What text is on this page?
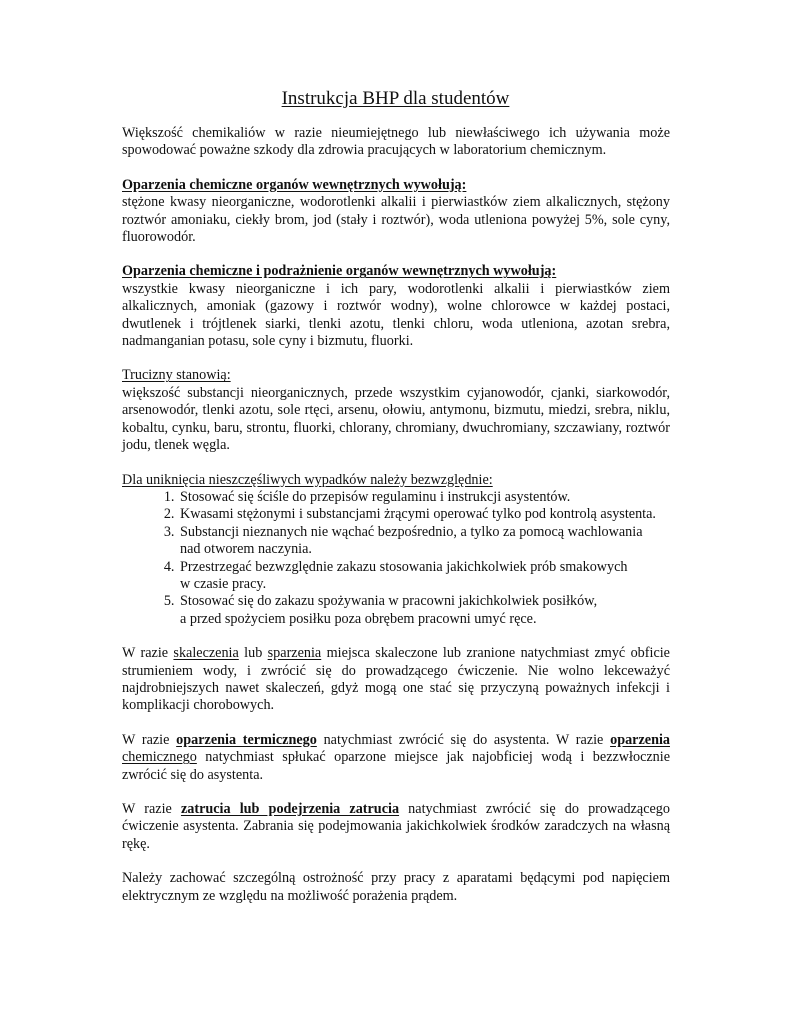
Instrukcja BHP dla studentów

Większość chemikaliów w razie nieumiejętnego lub niewłaściwego ich używania może spowodować poważne szkody dla zdrowia pracujących w laboratorium chemicznym.

Oparzenia chemiczne organów wewnętrznych wywołują:

stężone kwasy nieorganiczne, wodorotlenki alkalii i pierwiastków ziem alkalicznych, stężony roztwór amoniaku, ciekły brom, jod (stały i roztwór), woda utleniona powyżej 5%, sole cyny, fluorowodór.

Oparzenia chemiczne i podrażnienie organów wewnętrznych wywołują:

wszystkie kwasy nieorganiczne i ich pary, wodorotlenki alkalii i pierwiastków ziem alkalicznych, amoniak (gazowy i roztwór wodny), wolne chlorowce w każdej postaci, dwutlenek i trójtlenek siarki, tlenki azotu, tlenki chloru, woda utleniona, azotan srebra, nadmanganian potasu, sole cyny i bizmutu, fluorki.

Trucizny stanowią:

większość substancji nieorganicznych, przede wszystkim cyjanowodór, cjanki, siarkowodór, arsenowodór, tlenki azotu, sole rtęci, arsenu, ołowiu, antymonu, bizmutu, miedzi, srebra, niklu, kobaltu, cynku, baru, strontu, fluorki, chlorany, chromiany, dwuchromiany, szczawiany, roztwór jodu, tlenek węgla.

Dla uniknięcia nieszczęśliwych wypadków należy bezwzględnie:

1. Stosować się ściśle do przepisów regulaminu i instrukcji asystentów.
2. Kwasami stężonymi i substancjami żrącymi operować tylko pod kontrolą asystenta.
3. Substancji nieznanych nie wąchać bezpośrednio, a tylko za pomocą wachlowania
nad otworem naczynia.
4. Przestrzegać bezwzględnie zakazu stosowania jakichkolwiek prób smakowych
w czasie pracy.
5. Stosować się do zakazu spożywania w pracowni jakichkolwiek posiłków,
a przed spożyciem posiłku poza obrębem pracowni umyć ręce.

W razie skaleczenia lub sparzenia miejsca skaleczone lub zranione natychmiast zmyć obficie strumieniem wody, i zwrócić się do prowadzącego ćwiczenie. Nie wolno lekceważyć najdrobniejszych nawet skaleczeń, gdyż mogą one stać się przyczyną poważnych infekcji i komplikacji chorobowych.

W razie oparzenia termicznego natychmiast zwrócić się do asystenta. W razie oparzenia chemicznego natychmiast spłukać oparzone miejsce jak najobficiej wodą i bezzwłocznie zwrócić się do asystenta.

W razie zatrucia lub podejrzenia zatrucia natychmiast zwrócić się do prowadzącego ćwiczenie asystenta. Zabrania się podejmowania jakichkolwiek środków zaradczych na własną rękę.

Należy zachować szczególną ostrożność przy pracy z aparatami będącymi pod napięciem elektrycznym ze względu na możliwość porażenia prądem.
